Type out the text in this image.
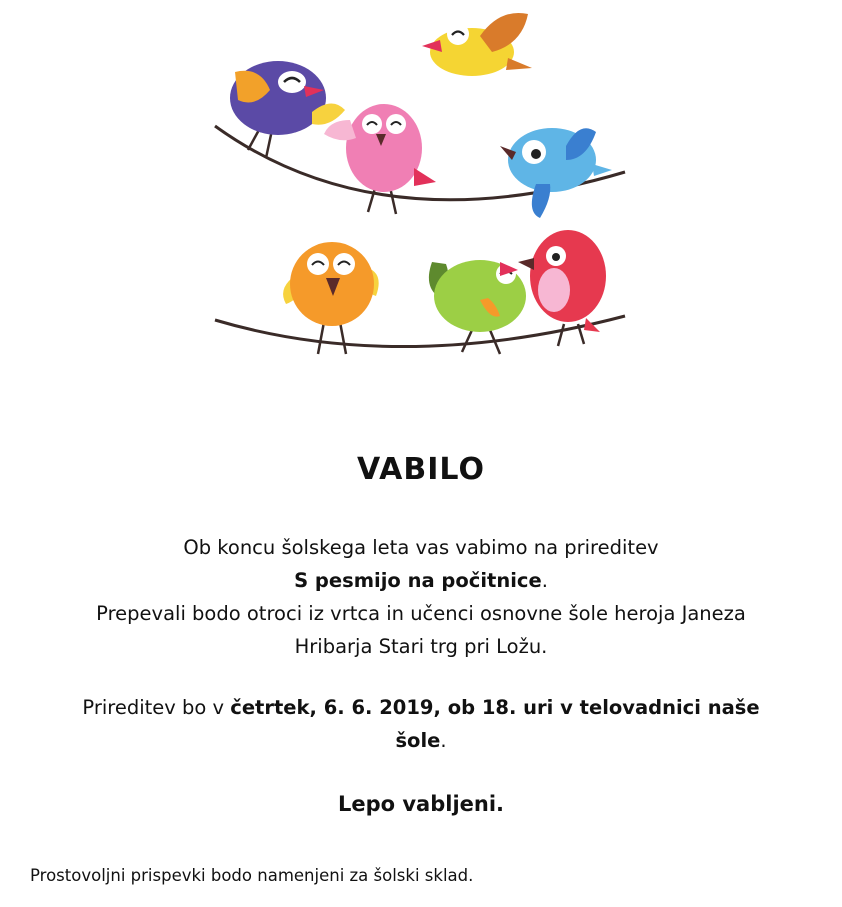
VABILO
Ob koncu šolskega leta vas vabimo na prireditev
S pesmijo na počitnice.
Prepevali bodo otroci iz vrtca in učenci osnovne šole heroja Janeza
Hribarja Stari trg pri Ložu.
Prireditev bo v četrtek, 6. 6. 2019, ob 18. uri v telovadnici naše
šole.
Lepo vabljeni.
Prostovoljni prispevki bodo namenjeni za šolski sklad.
